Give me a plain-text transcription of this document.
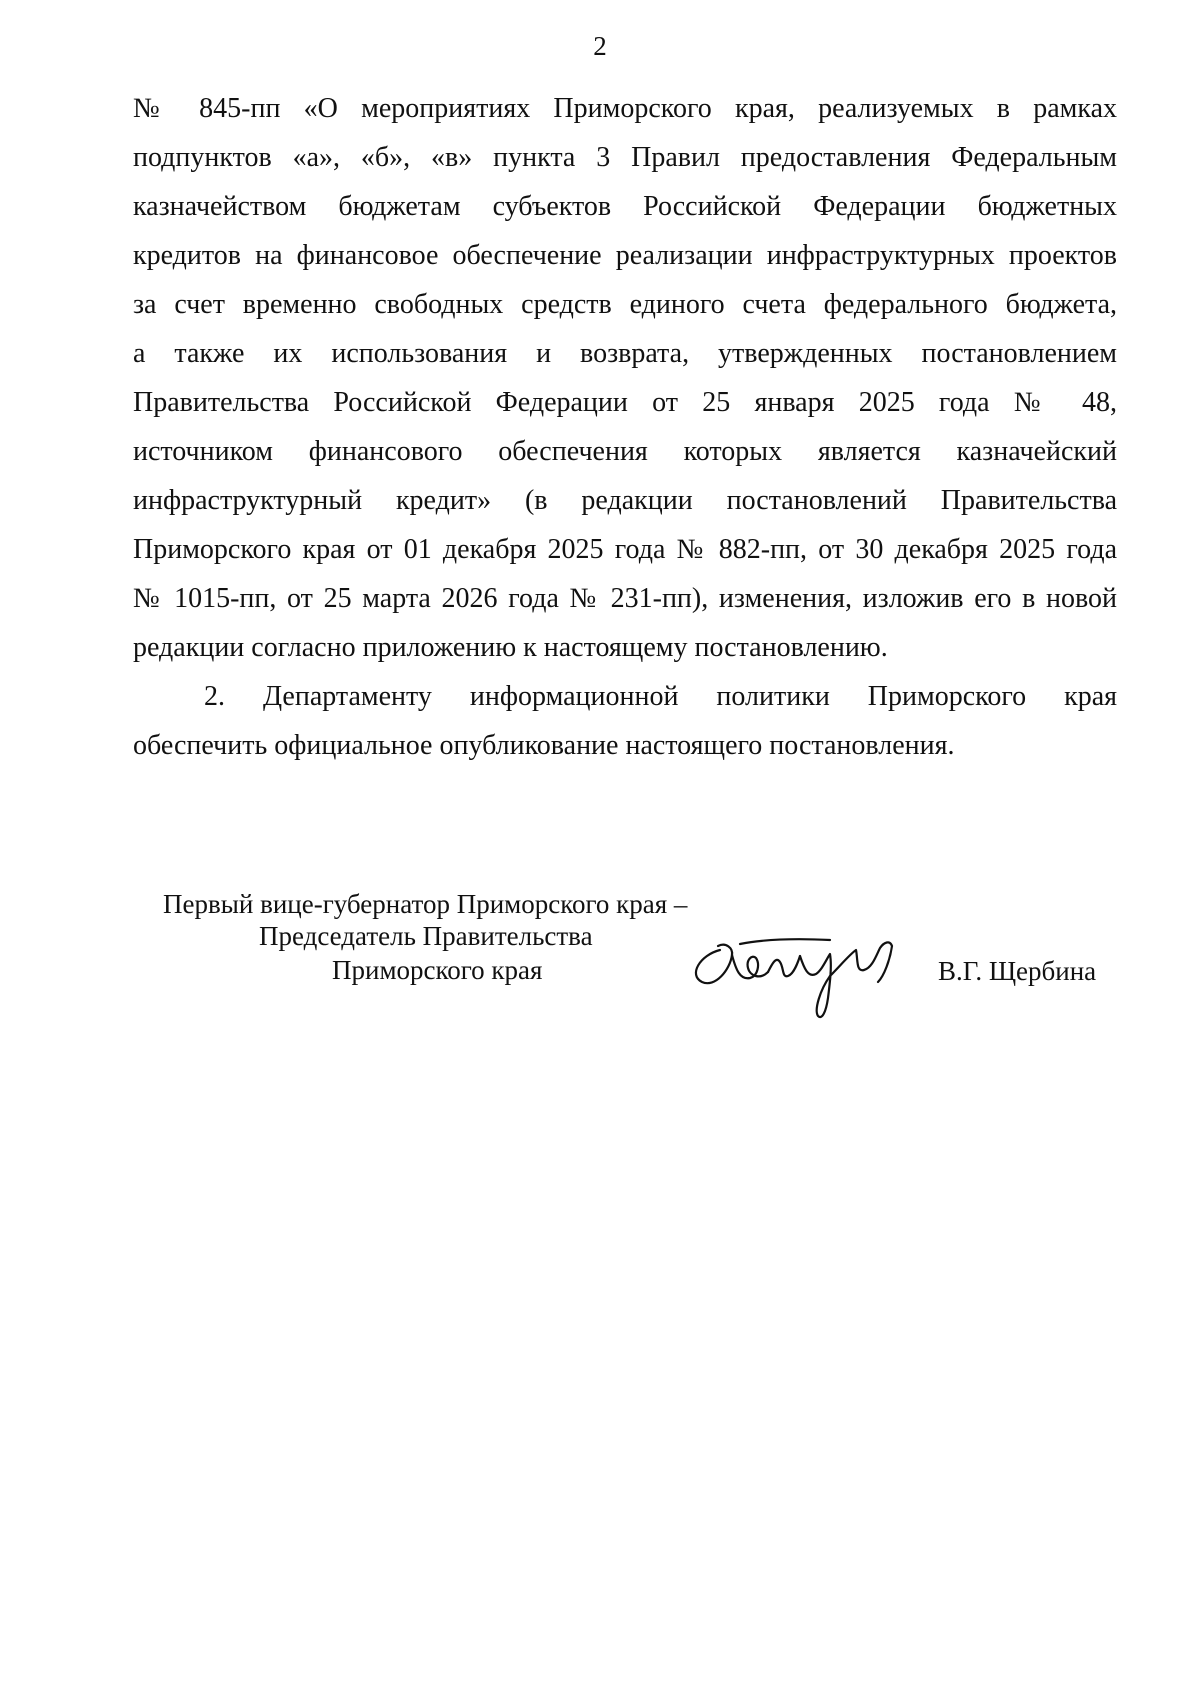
2
№ 845-пп «О мероприятиях Приморского края, реализуемых в рамках
подпунктов «а», «б», «в» пункта 3 Правил предоставления Федеральным
казначейством бюджетам субъектов Российской Федерации бюджетных
кредитов на финансовое обеспечение реализации инфраструктурных проектов
за счет временно свободных средств единого счета федерального бюджета,
а также их использования и возврата, утвержденных постановлением
Правительства Российской Федерации от 25 января 2025 года № 48,
источником финансового обеспечения которых является казначейский
инфраструктурный кредит» (в редакции постановлений Правительства
Приморского края от 01 декабря 2025 года № 882-пп, от 30 декабря 2025 года
№ 1015-пп, от 25 марта 2026 года № 231-пп), изменения, изложив его в новой
редакции согласно приложению к настоящему постановлению.
2. Департаменту информационной политики Приморского края
обеспечить официальное опубликование настоящего постановления.
Первый вице-губернатор Приморского края –
Председатель Правительства
Приморского края	В.Г. Щербина
